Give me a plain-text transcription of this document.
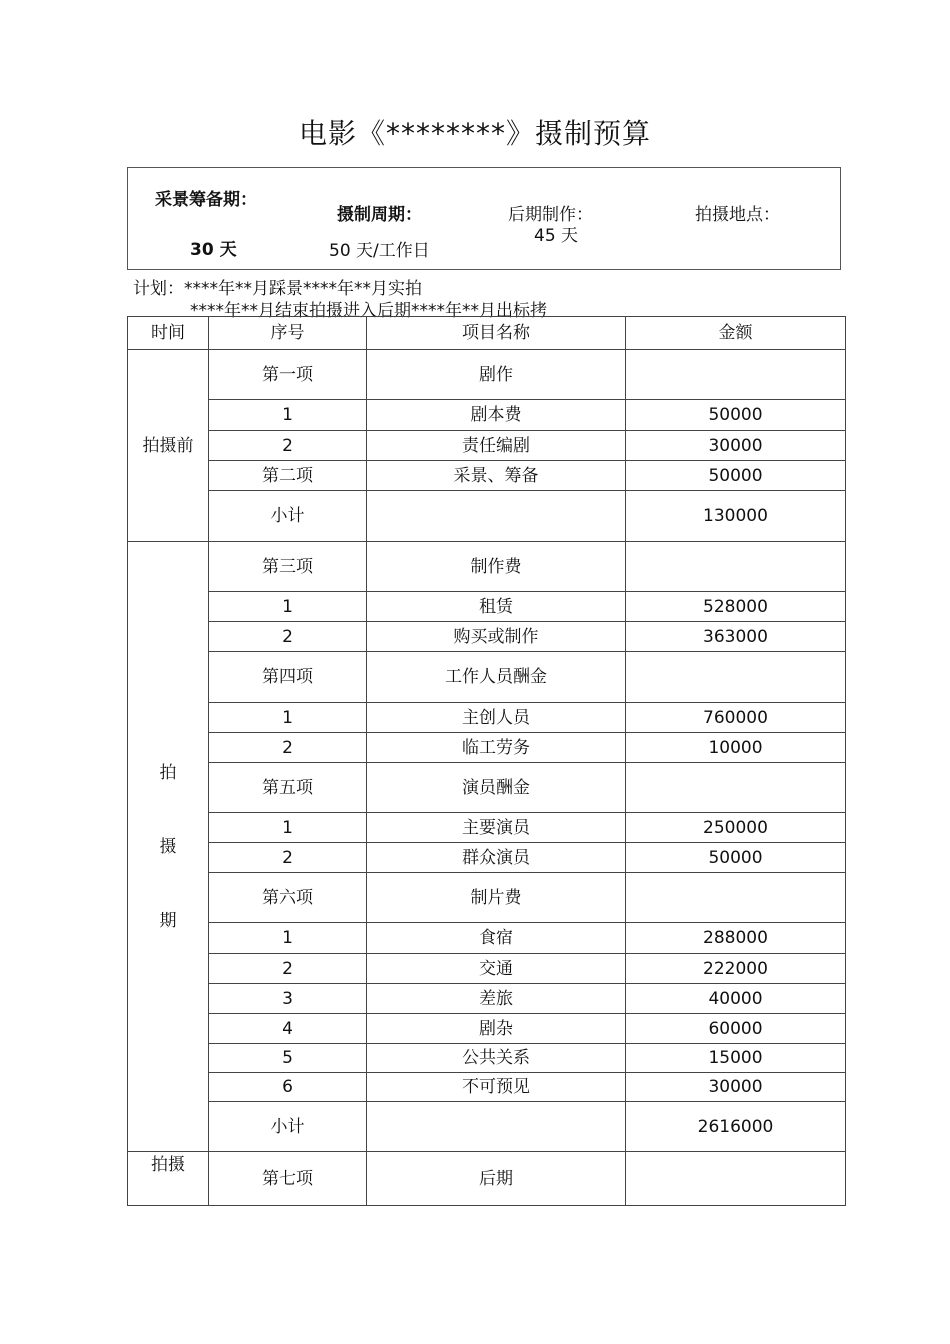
电影《********》摄制预算
采景筹备期：
30 天
摄制周期：
50 天/工作日
后期制作：
45 天
拍摄地点：
计划：****年**月踩景****年**月实拍
****年**月结束拍摄进入后期****年**月出标拷
时间	序号	项目名称	金额
拍摄前	第一项	剧作	
	1	剧本费	50000
	2	责任编剧	30000
	第二项	采景、筹备	50000
	小计		130000

拍
摄
期	第三项	制作费	
	1	租赁	528000
	2	购买或制作	363000
	第四项	工作人员酬金	
	1	主创人员	760000
	2	临工劳务	10000
	第五项	演员酬金	
	1	主要演员	250000
	2	群众演员	50000
	第六项	制片费	
	1	食宿	288000
	2	交通	222000
	3	差旅	40000
	4	剧杂	60000
	5	公共关系	15000
	6	不可预见	30000
	小计		2616000
拍摄	第七项	后期	
